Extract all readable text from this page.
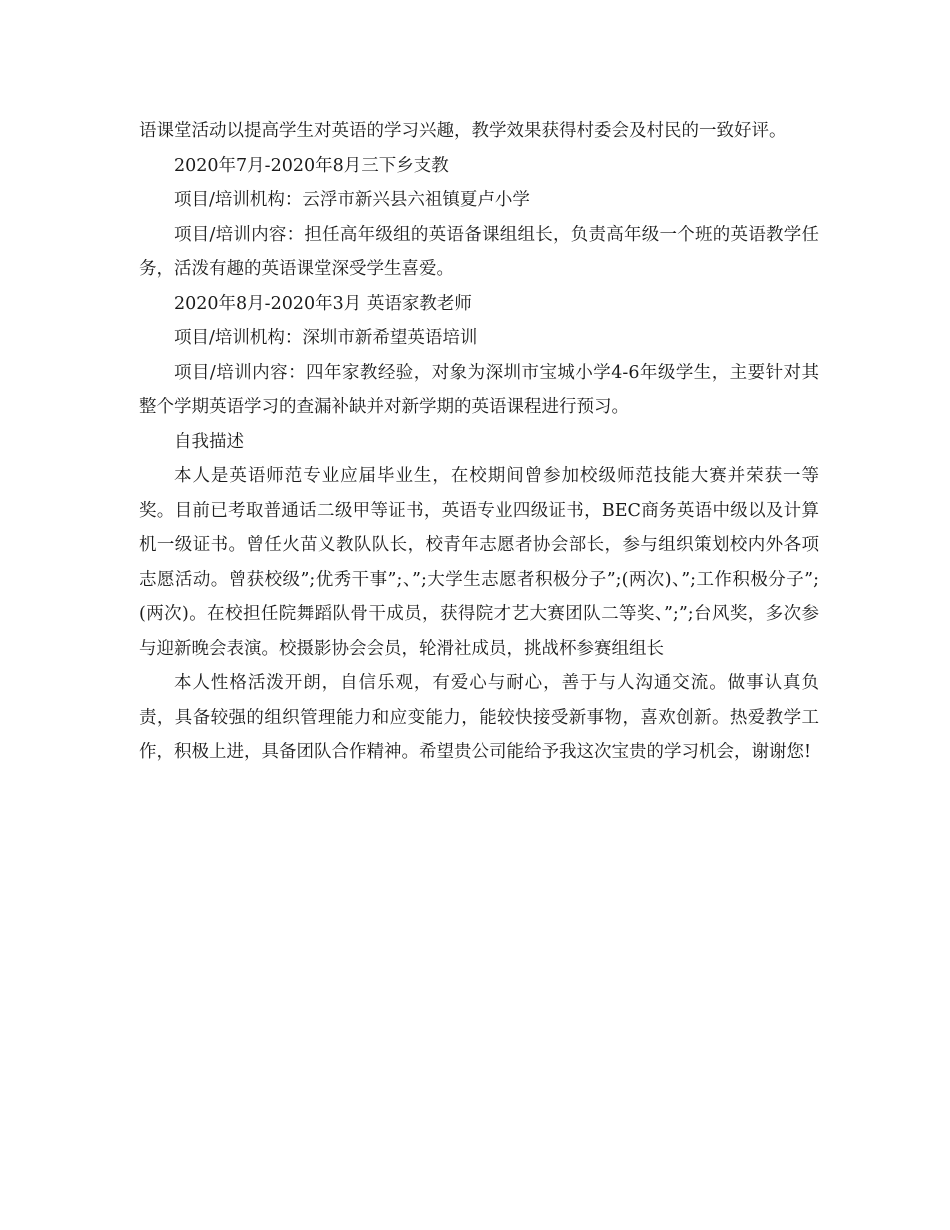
语课堂活动以提高学生对英语的学习兴趣，教学效果获得村委会及村民的一致好评。

2020年7月-2020年8月三下乡支教

项目/培训机构：云浮市新兴县六祖镇夏卢小学

项目/培训内容：担任高年级组的英语备课组组长，负责高年级一个班的英语教学任务，活泼有趣的英语课堂深受学生喜爱。

2020年8月-2020年3月 英语家教老师

项目/培训机构：深圳市新希望英语培训

项目/培训内容：四年家教经验，对象为深圳市宝城小学4-6年级学生，主要针对其整个学期英语学习的查漏补缺并对新学期的英语课程进行预习。

自我描述

本人是英语师范专业应届毕业生，在校期间曾参加校级师范技能大赛并荣获一等奖。目前已考取普通话二级甲等证书，英语专业四级证书，BEC商务英语中级以及计算机一级证书。曾任火苗义教队队长，校青年志愿者协会部长，参与组织策划校内外各项志愿活动。曾获校级”;优秀干事”;、”;大学生志愿者积极分子”;(两次)、”;工作积极分子”;(两次)。在校担任院舞蹈队骨干成员，获得院才艺大赛团队二等奖、”;”;台风奖，多次参与迎新晚会表演。校摄影协会会员，轮滑社成员，挑战杯参赛组组长

本人性格活泼开朗，自信乐观，有爱心与耐心，善于与人沟通交流。做事认真负责，具备较强的组织管理能力和应变能力，能较快接受新事物，喜欢创新。热爱教学工作，积极上进，具备团队合作精神。希望贵公司能给予我这次宝贵的学习机会，谢谢您!
